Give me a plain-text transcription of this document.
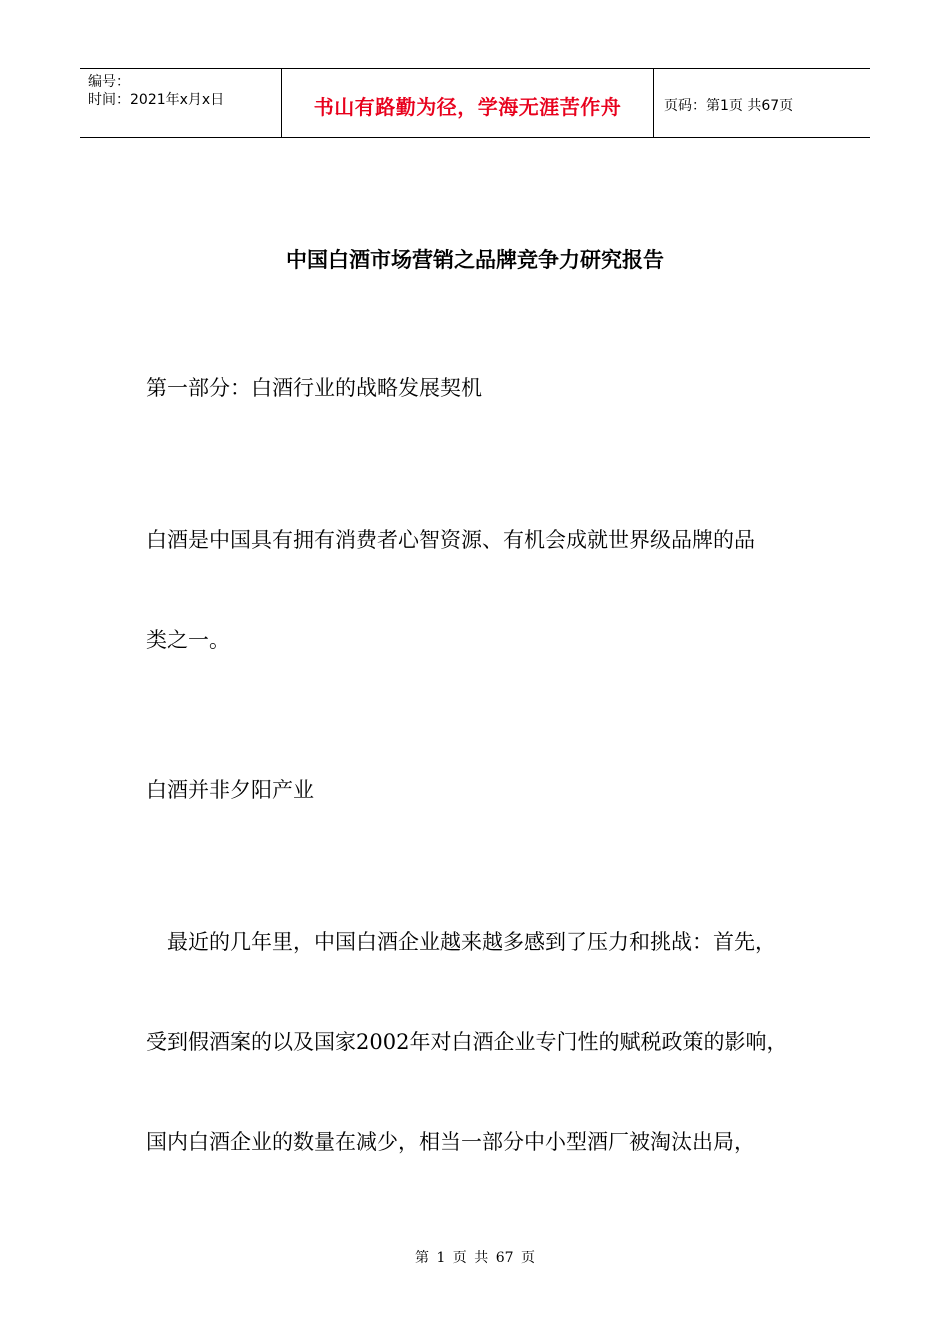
编号：
时间：2021年x月x日	书山有路勤为径，学海无涯苦作舟	页码：第1页 共67页
中国白酒市场营销之品牌竞争力研究报告
第一部分：白酒行业的战略发展契机
白酒是中国具有拥有消费者心智资源、有机会成就世界级品牌的品
类之一。
白酒并非夕阳产业
　最近的几年里，中国白酒企业越来越多感到了压力和挑战：首先，
受到假酒案的以及国家2002年对白酒企业专门性的赋税政策的影响，
国内白酒企业的数量在减少，相当一部分中小型酒厂被淘汰出局，
第 1 页 共 67 页
